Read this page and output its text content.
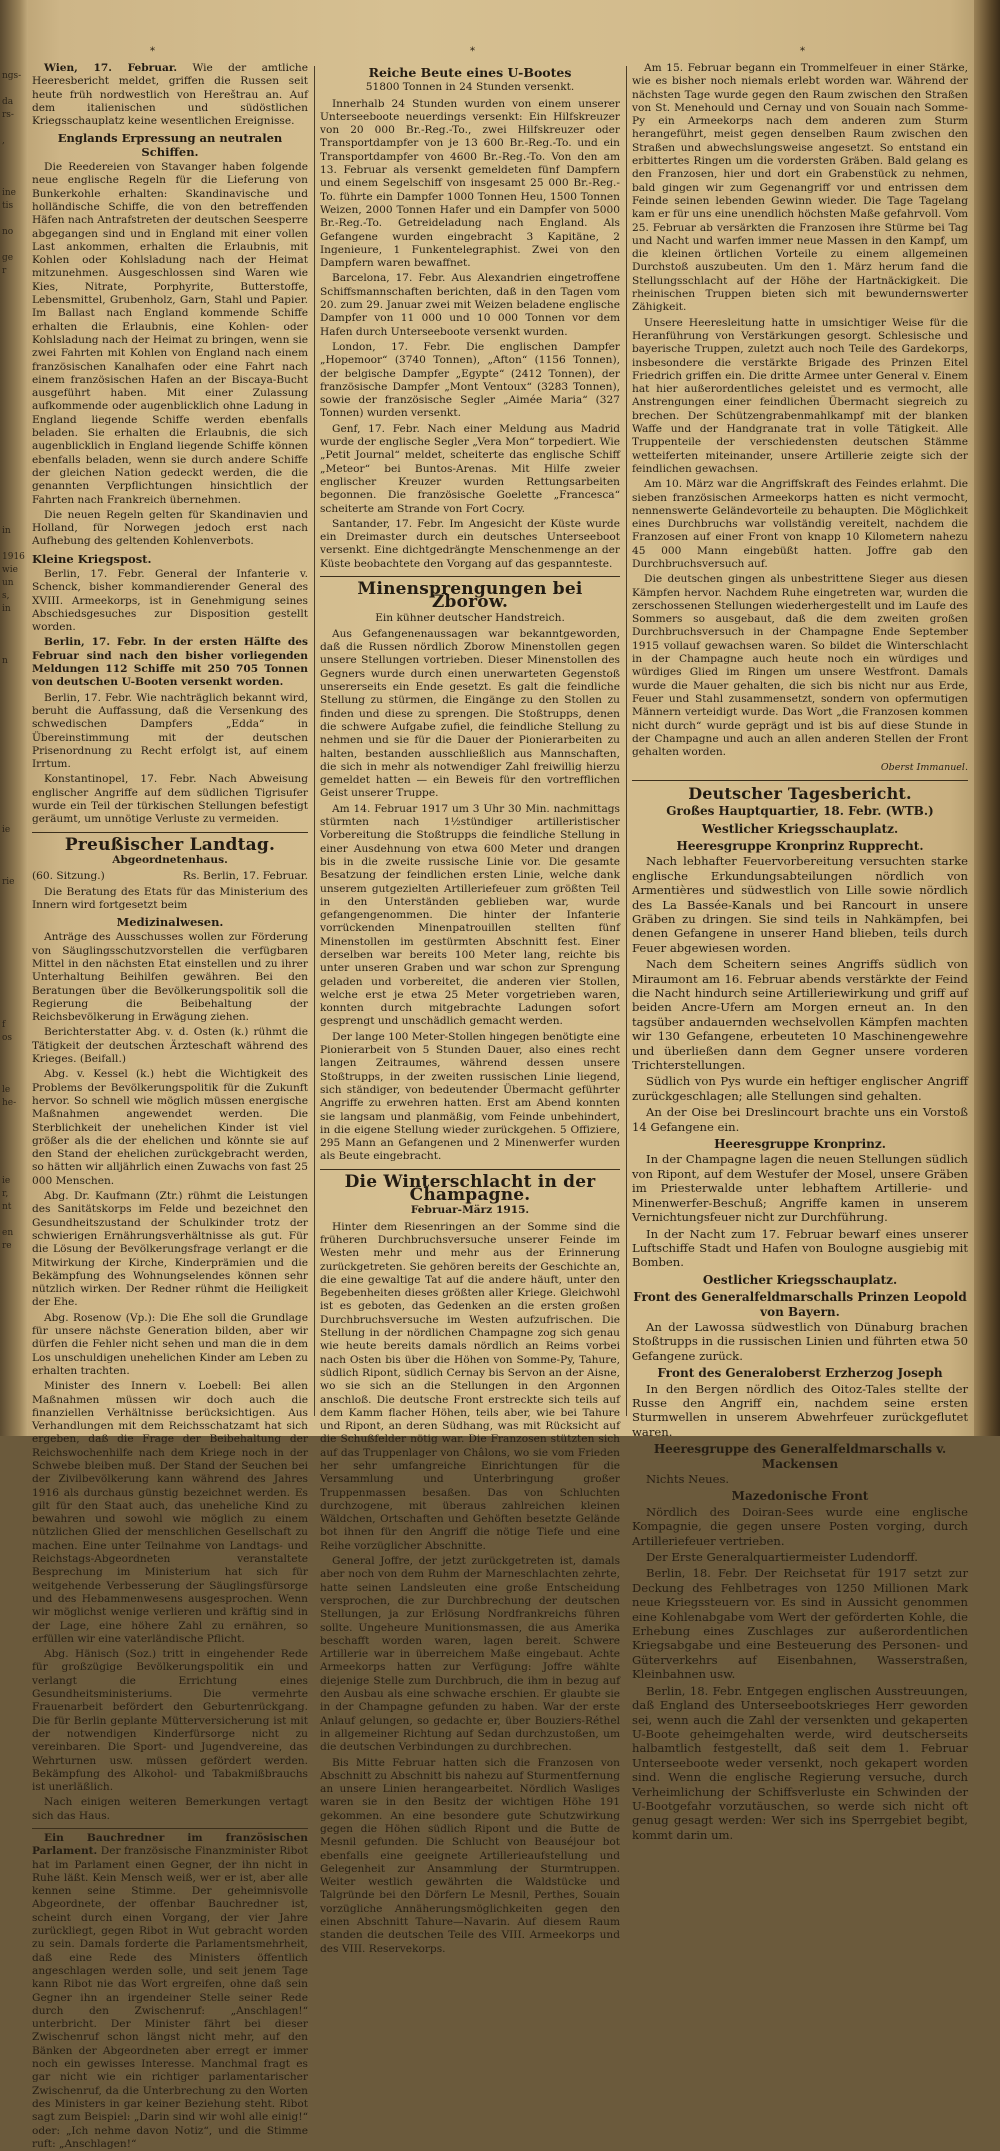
ngs-

da
rs-

,

ine
tis

no

ge
r

in

1916
wie
un
s,
in

n

ie

rie

f
os

le
he-

ie
r,
nt

en
re
*	*	*

Wien, 17. Februar. Wie der amtliche Heeresbericht meldet, griffen die Russen seit heute früh nordwestlich von Hereštrau an. Auf dem italienischen und südöstlichen Kriegsschauplatz keine wesentlichen Ereignisse.

Englands Erpressung an neutralen Schiffen.

Die Reedereien von Stavanger haben folgende neue englische Regeln für die Lieferung von Bunkerkohle erhalten: Skandinavische und holländische Schiffe, die von den betreffenden Häfen nach Antrafstreten der deutschen Seesperre abgegangen sind und in England mit einer vollen Last ankommen, erhalten die Erlaubnis, mit Kohlen oder Kohlsladung nach der Heimat mitzunehmen. Ausgeschlossen sind Waren wie Kies, Nitrate, Porphyrite, Butterstoffe, Lebensmittel, Grubenholz, Garn, Stahl und Papier. Im Ballast nach England kommende Schiffe erhalten die Erlaubnis, eine Kohlen- oder Kohlsladung nach der Heimat zu bringen, wenn sie zwei Fahrten mit Kohlen von England nach einem französischen Kanalhafen oder eine Fahrt nach einem französischen Hafen an der Biscaya-Bucht ausgeführt haben. Mit einer Zulassung aufkommende oder augenblicklich ohne Ladung in England liegende Schiffe werden ebenfalls beladen. Sie erhalten die Erlaubnis, die sich augenblicklich in England liegende Schiffe können ebenfalls beladen, wenn sie durch andere Schiffe der gleichen Nation gedeckt werden, die die genannten Verpflichtungen hinsichtlich der Fahrten nach Frankreich übernehmen.

Die neuen Regeln gelten für Skandinavien und Holland, für Norwegen jedoch erst nach Aufhebung des geltenden Kohlenverbots.

Kleine Kriegspost.

Berlin, 17. Febr. General der Infanterie v. Schenck, bisher kommandierender General des XVIII. Armeekorps, ist in Genehmigung seines Abschiedsgesuches zur Disposition gestellt worden.

Berlin, 17. Febr. In der ersten Hälfte des Februar sind nach den bisher vorliegenden Meldungen 112 Schiffe mit 250 705 Tonnen von deutschen U-Booten versenkt worden.

Berlin, 17. Febr. Wie nachträglich bekannt wird, beruht die Auffassung, daß die Versenkung des schwedischen Dampfers „Edda“ in Übereinstimmung mit der deutschen Prisenordnung zu Recht erfolgt ist, auf einem Irrtum.

Konstantinopel, 17. Febr. Nach Abweisung englischer Angriffe auf dem südlichen Tigrisufer wurde ein Teil der türkischen Stellungen befestigt geräumt, um unnötige Verluste zu vermeiden.

Preußischer Landtag.
Abgeordnetenhaus.

(60. Sitzung.)	Rs. Berlin, 17. Februar.

Die Beratung des Etats für das Ministerium des Innern wird fortgesetzt beim

Medizinalwesen.

Anträge des Ausschusses wollen zur Förderung von Säuglingsschutzvorstellen die verfügbaren Mittel in den nächsten Etat einstellen und zu ihrer Unterhaltung Beihilfen gewähren. Bei den Beratungen über die Bevölkerungspolitik soll die Regierung die Beibehaltung der Reichsbevölkerung in Erwägung ziehen.

Berichterstatter Abg. v. d. Osten (k.) rühmt die Tätigkeit der deutschen Ärzteschaft während des Krieges. (Beifall.)

Abg. v. Kessel (k.) hebt die Wichtigkeit des Problems der Bevölkerungspolitik für die Zukunft hervor. So schnell wie möglich müssen energische Maßnahmen angewendet werden. Die Sterblichkeit der unehelichen Kinder ist viel größer als die der ehelichen und könnte sie auf den Stand der ehelichen zurückgebracht werden, so hätten wir alljährlich einen Zuwachs von fast 25 000 Menschen.

Abg. Dr. Kaufmann (Ztr.) rühmt die Leistungen des Sanitätskorps im Felde und bezeichnet den Gesundheitszustand der Schulkinder trotz der schwierigen Ernährungsverhältnisse als gut. Für die Lösung der Bevölkerungsfrage verlangt er die Mitwirkung der Kirche, Kinderprämien und die Bekämpfung des Wohnungselendes können sehr nützlich wirken. Der Redner rühmt die Heiligkeit der Ehe.

Abg. Rosenow (Vp.): Die Ehe soll die Grundlage für unsere nächste Generation bilden, aber wir dürfen die Fehler nicht sehen und man die in dem Los unschuldigen unehelichen Kinder am Leben zu erhalten trachten.

Minister des Innern v. Loebell: Bei allen Maßnahmen müssen wir doch auch die finanziellen Verhältnisse berücksichtigen. Aus Verhandlungen mit dem Reichsschatzamt hat sich ergeben, daß die Frage der Beibehaltung der Reichswochenhilfe nach dem Kriege noch in der Schwebe bleiben muß. Der Stand der Seuchen bei der Zivilbevölkerung kann während des Jahres 1916 als durchaus günstig bezeichnet werden. Es gilt für den Staat auch, das uneheliche Kind zu bewahren und sowohl wie möglich zu einem nützlichen Glied der menschlichen Gesellschaft zu machen. Eine unter Teilnahme von Landtags- und Reichstags-Abgeordneten veranstaltete Besprechung im Ministerium hat sich für weitgehende Verbesserung der Säuglingsfürsorge und des Hebammenwesens ausgesprochen. Wenn wir möglichst wenige verlieren und kräftig sind in der Lage, eine höhere Zahl zu ernähren, so erfüllen wir eine vaterländische Pflicht.

Abg. Hänisch (Soz.) tritt in eingehender Rede für großzügige Bevölkerungspolitik ein und verlangt die Errichtung eines Gesundheitsministeriums. Die vermehrte Frauenarbeit befördert den Geburtenrückgang. Die für Berlin geplante Mütterversicherung ist mit der notwendigen Kinderfürsorge nicht zu vereinbaren. Die Sport- und Jugendvereine, das Wehrturnen usw. müssen gefördert werden. Bekämpfung des Alkohol- und Tabakmißbrauchs ist unerläßlich.

Nach einigen weiteren Bemerkungen vertagt sich das Haus.

Ein Bauchredner im französischen Parlament. Der französische Finanzminister Ribot hat im Parlament einen Gegner, der ihn nicht in Ruhe läßt. Kein Mensch weiß, wer er ist, aber alle kennen seine Stimme. Der geheimnisvolle Abgeordnete, der offenbar Bauchredner ist, scheint durch einen Vorgang, der vier Jahre zurückliegt, gegen Ribot in Wut gebracht worden zu sein. Damals forderte die Parlamentsmehrheit, daß eine Rede des Ministers öffentlich angeschlagen werden solle, und seit jenem Tage kann Ribot nie das Wort ergreifen, ohne daß sein Gegner ihn an irgendeiner Stelle seiner Rede durch den Zwischenruf: „Anschlagen!“ unterbricht. Der Minister fährt bei dieser Zwischenruf schon längst nicht mehr, auf den Bänken der Abgeordneten aber erregt er immer noch ein gewisses Interesse. Manchmal fragt es gar nicht wie ein richtiger parlamentarischer Zwischenruf, da die Unterbrechung zu den Worten des Ministers in gar keiner Beziehung steht. Ribot sagt zum Beispiel: „Darin sind wir wohl alle einig!“ oder: „Ich nehme davon Notiz“, und die Stimme ruft: „Anschlagen!“

Reiche Beute eines U-Bootes
51800 Tonnen in 24 Stunden versenkt.

Innerhalb 24 Stunden wurden von einem unserer Unterseeboote neuerdings versenkt: Ein Hilfskreuzer von 20 000 Br.-Reg.-To., zwei Hilfskreuzer oder Transportdampfer von je 13 600 Br.-Reg.-To. und ein Transportdampfer von 4600 Br.-Reg.-To. Von den am 13. Februar als versenkt gemeldeten fünf Dampfern und einem Segelschiff von insgesamt 25 000 Br.-Reg.-To. führte ein Dampfer 1000 Tonnen Heu, 1500 Tonnen Weizen, 2000 Tonnen Hafer und ein Dampfer von 5000 Br.-Reg.-To. Getreideladung nach England. Als Gefangene wurden eingebracht 3 Kapitäne, 2 Ingenieure, 1 Funkentelegraphist. Zwei von den Dampfern waren bewaffnet.

Barcelona, 17. Febr. Aus Alexandrien eingetroffene Schiffsmannschaften berichten, daß in den Tagen vom 20. zum 29. Januar zwei mit Weizen beladene englische Dampfer von 11 000 und 10 000 Tonnen vor dem Hafen durch Unterseeboote versenkt wurden.

London, 17. Febr. Die englischen Dampfer „Hopemoor“ (3740 Tonnen), „Afton“ (1156 Tonnen), der belgische Dampfer „Egypte“ (2412 Tonnen), der französische Dampfer „Mont Ventoux“ (3283 Tonnen), sowie der französische Segler „Aimée Maria“ (327 Tonnen) wurden versenkt.

Genf, 17. Febr. Nach einer Meldung aus Madrid wurde der englische Segler „Vera Mon“ torpediert. Wie „Petit Journal“ meldet, scheiterte das englische Schiff „Meteor“ bei Buntos-Arenas. Mit Hilfe zweier englischer Kreuzer wurden Rettungsarbeiten begonnen. Die französische Goelette „Francesca“ scheiterte am Strande von Fort Cocry.

Santander, 17. Febr. Im Angesicht der Küste wurde ein Dreimaster durch ein deutsches Unterseeboot versenkt. Eine dichtgedrängte Menschenmenge an der Küste beobachtete den Vorgang auf das gespannteste.

Minensprengungen bei Zborow.
Ein kühner deutscher Handstreich.

Aus Gefangenenaussagen war bekanntgeworden, daß die Russen nördlich Zborow Minenstollen gegen unsere Stellungen vortrieben. Dieser Minenstollen des Gegners wurde durch einen unerwarteten Gegenstoß unsererseits ein Ende gesetzt. Es galt die feindliche Stellung zu stürmen, die Eingänge zu den Stollen zu finden und diese zu sprengen. Die Stoßtrupps, denen die schwere Aufgabe zufiel, die feindliche Stellung zu nehmen und sie für die Dauer der Pionierarbeiten zu halten, bestanden ausschließlich aus Mannschaften, die sich in mehr als notwendiger Zahl freiwillig hierzu gemeldet hatten — ein Beweis für den vortrefflichen Geist unserer Truppe.

Am 14. Februar 1917 um 3 Uhr 30 Min. nachmittags stürmten nach 1½stündiger artilleristischer Vorbereitung die Stoßtrupps die feindliche Stellung in einer Ausdehnung von etwa 600 Meter und drangen bis in die zweite russische Linie vor. Die gesamte Besatzung der feindlichen ersten Linie, welche dank unserem gutgezielten Artilleriefeuer zum größten Teil in den Unterständen geblieben war, wurde gefangengenommen. Die hinter der Infanterie vorrückenden Minenpatrouillen stellten fünf Minenstollen im gestürmten Abschnitt fest. Einer derselben war bereits 100 Meter lang, reichte bis unter unseren Graben und war schon zur Sprengung geladen und vorbereitet, die anderen vier Stollen, welche erst je etwa 25 Meter vorgetrieben waren, konnten durch mitgebrachte Ladungen sofort gesprengt und unschädlich gemacht werden.

Der lange 100 Meter-Stollen hingegen benötigte eine Pionierarbeit von 5 Stunden Dauer, also eines recht langen Zeitraumes, während dessen unsere Stoßtrupps, in der zweiten russischen Linie liegend, sich ständiger, von bedeutender Übermacht geführter Angriffe zu erwehren hatten. Erst am Abend konnten sie langsam und planmäßig, vom Feinde unbehindert, in die eigene Stellung wieder zurückgehen. 5 Offiziere, 295 Mann an Gefangenen und 2 Minenwerfer wurden als Beute eingebracht.

Die Winterschlacht in der Champagne.
Februar-März 1915.

Hinter dem Riesenringen an der Somme sind die früheren Durchbruchsversuche unserer Feinde im Westen mehr und mehr aus der Erinnerung zurückgetreten. Sie gehören bereits der Geschichte an, die eine gewaltige Tat auf die andere häuft, unter den Begebenheiten dieses größten aller Kriege. Gleichwohl ist es geboten, das Gedenken an die ersten großen Durchbruchsversuche im Westen aufzufrischen. Die Stellung in der nördlichen Champagne zog sich genau wie heute bereits damals nördlich an Reims vorbei nach Osten bis über die Höhen von Somme-Py, Tahure, südlich Ripont, südlich Cernay bis Servon an der Aisne, wo sie sich an die Stellungen in den Argonnen anschloß. Die deutsche Front erstreckte sich teils auf dem Kamm flacher Höhen, teils aber, wie bei Tahure und Ripont, an deren Südhang, was mit Rücksicht auf die Schußfelder nötig war. Die Franzosen stützten sich auf das Truppenlager von Châlons, wo sie vom Frieden her sehr umfangreiche Einrichtungen für die Versammlung und Unterbringung großer Truppenmassen besaßen. Das von Schluchten durchzogene, mit überaus zahlreichen kleinen Wäldchen, Ortschaften und Gehöften besetzte Gelände bot ihnen für den Angriff die nötige Tiefe und eine Reihe vorzüglicher Abschnitte.

General Joffre, der jetzt zurückgetreten ist, damals aber noch von dem Ruhm der Marneschlachten zehrte, hatte seinen Landsleuten eine große Entscheidung versprochen, die zur Durchbrechung der deutschen Stellungen, ja zur Erlösung Nordfrankreichs führen sollte. Ungeheure Munitionsmassen, die aus Amerika beschafft worden waren, lagen bereit. Schwere Artillerie war in überreichem Maße eingebaut. Achte Armeekorps hatten zur Verfügung: Joffre wählte diejenige Stelle zum Durchbruch, die ihm in bezug auf den Ausbau als eine schwache erschien. Er glaubte sie in der Champagne gefunden zu haben. War der erste Anlauf gelungen, so gedachte er, über Bouziers-Réthel in allgemeiner Richtung auf Sedan durchzustoßen, um die deutschen Verbindungen zu durchbrechen.

Bis Mitte Februar hatten sich die Franzosen von Abschnitt zu Abschnitt bis nahezu auf Sturmentfernung an unsere Linien herangearbeitet. Nördlich Wasliges waren sie in den Besitz der wichtigen Höhe 191 gekommen. An eine besondere gute Schutzwirkung gegen die Höhen südlich Ripont und die Butte de Mesnil gefunden. Die Schlucht von Beauséjour bot ebenfalls eine geeignete Artillerieaufstellung und Gelegenheit zur Ansammlung der Sturmtruppen. Weiter westlich gewährten die Waldstücke und Talgründe bei den Dörfern Le Mesnil, Perthes, Souain vorzügliche Annäherungsmöglichkeiten gegen den einen Abschnitt Tahure—Navarin. Auf diesem Raum standen die deutschen Teile des VIII. Armeekorps und des VIII. Reservekorps.

Am 15. Februar begann ein Trommelfeuer in einer Stärke, wie es bisher noch niemals erlebt worden war. Während der nächsten Tage wurde gegen den Raum zwischen den Straßen von St. Menehould und Cernay und von Souain nach Somme-Py ein Armeekorps nach dem anderen zum Sturm herangeführt, meist gegen denselben Raum zwischen den Straßen und abwechslungsweise angesetzt. So entstand ein erbittertes Ringen um die vordersten Gräben. Bald gelang es den Franzosen, hier und dort ein Grabenstück zu nehmen, bald gingen wir zum Gegenangriff vor und entrissen dem Feinde seinen lebenden Gewinn wieder. Die Tage Tagelang kam er für uns eine unendlich höchsten Maße gefahrvoll. Vom 25. Februar ab versärkten die Franzosen ihre Stürme bei Tag und Nacht und warfen immer neue Massen in den Kampf, um die kleinen örtlichen Vorteile zu einem allgemeinen Durchstoß auszubeuten. Um den 1. März herum fand die Stellungsschlacht auf der Höhe der Hartnäckigkeit. Die rheinischen Truppen bieten sich mit bewundernswerter Zähigkeit.

Unsere Heeresleitung hatte in umsichtiger Weise für die Heranführung von Verstärkungen gesorgt. Schlesische und bayerische Truppen, zuletzt auch noch Teile des Gardekorps, insbesondere die verstärkte Brigade des Prinzen Eitel Friedrich griffen ein. Die dritte Armee unter General v. Einem hat hier außerordentliches geleistet und es vermocht, alle Anstrengungen einer feindlichen Übermacht siegreich zu brechen. Der Schützengrabenmahlkampf mit der blanken Waffe und der Handgranate trat in volle Tätigkeit. Alle Truppenteile der verschiedensten deutschen Stämme wetteiferten miteinander, unsere Artillerie zeigte sich der feindlichen gewachsen.

Am 10. März war die Angriffskraft des Feindes erlahmt. Die sieben französischen Armeekorps hatten es nicht vermocht, nennenswerte Geländevorteile zu behaupten. Die Möglichkeit eines Durchbruchs war vollständig vereitelt, nachdem die Franzosen auf einer Front von knapp 10 Kilometern nahezu 45 000 Mann eingebüßt hatten. Joffre gab den Durchbruchsversuch auf.

Die deutschen gingen als unbestrittene Sieger aus diesen Kämpfen hervor. Nachdem Ruhe eingetreten war, wurden die zerschossenen Stellungen wiederhergestellt und im Laufe des Sommers so ausgebaut, daß die dem zweiten großen Durchbruchsversuch in der Champagne Ende September 1915 vollauf gewachsen waren. So bildet die Winterschlacht in der Champagne auch heute noch ein würdiges und würdiges Glied im Ringen um unsere Westfront. Damals wurde die Mauer gehalten, die sich bis nicht nur aus Erde, Feuer und Stahl zusammensetzt, sondern von opfermutigen Männern verteidigt wurde. Das Wort „die Franzosen kommen nicht durch“ wurde geprägt und ist bis auf diese Stunde in der Champagne und auch an allen anderen Stellen der Front gehalten worden.

Oberst Immanuel.

Deutscher Tagesbericht.
Großes Hauptquartier, 18. Febr. (WTB.)
Westlicher Kriegsschauplatz.
Heeresgruppe Kronprinz Rupprecht.

Nach lebhafter Feuervorbereitung versuchten starke englische Erkundungsabteilungen nördlich von Armentières und südwestlich von Lille sowie nördlich des La Bassée-Kanals und bei Rancourt in unsere Gräben zu dringen. Sie sind teils in Nahkämpfen, bei denen Gefangene in unserer Hand blieben, teils durch Feuer abgewiesen worden.

Nach dem Scheitern seines Angriffs südlich von Miraumont am 16. Februar abends verstärkte der Feind die Nacht hindurch seine Artilleriewirkung und griff auf beiden Ancre-Ufern am Morgen erneut an. In den tagsüber andauernden wechselvollen Kämpfen machten wir 130 Gefangene, erbeuteten 10 Maschinengewehre und überließen dann dem Gegner unsere vorderen Trichterstellungen.

Südlich von Pys wurde ein heftiger englischer Angriff zurückgeschlagen; alle Stellungen sind gehalten.

An der Oise bei Dreslincourt brachte uns ein Vorstoß 14 Gefangene ein.

Heeresgruppe Kronprinz.

In der Champagne lagen die neuen Stellungen südlich von Ripont, auf dem Westufer der Mosel, unsere Gräben im Priesterwalde unter lebhaftem Artillerie- und Minenwerfer-Beschuß; Angriffe kamen in unserem Vernichtungsfeuer nicht zur Durchführung.

In der Nacht zum 17. Februar bewarf eines unserer Luftschiffe Stadt und Hafen von Boulogne ausgiebig mit Bomben.

Oestlicher Kriegsschauplatz.
Front des Generalfeldmarschalls Prinzen Leopold von Bayern.

An der Lawossa südwestlich von Dünaburg brachen Stoßtrupps in die russischen Linien und führten etwa 50 Gefangene zurück.

Front des Generaloberst Erzherzog Joseph

In den Bergen nördlich des Oitoz-Tales stellte der Russe den Angriff ein, nachdem seine ersten Sturmwellen in unserem Abwehrfeuer zurückgeflutet waren.

Heeresgruppe des Generalfeldmarschalls v. Mackensen

Nichts Neues.

Mazedonische Front

Nördlich des Doiran-Sees wurde eine englische Kompagnie, die gegen unsere Posten vorging, durch Artilleriefeuer vertrieben.

Der Erste Generalquartiermeister Ludendorff.

Berlin, 18. Febr. Der Reichsetat für 1917 setzt zur Deckung des Fehlbetrages von 1250 Millionen Mark neue Kriegssteuern vor. Es sind in Aussicht genommen eine Kohlenabgabe vom Wert der geförderten Kohle, die Erhebung eines Zuschlages zur außerordentlichen Kriegsabgabe und eine Besteuerung des Personen- und Güterverkehrs auf Eisenbahnen, Wasserstraßen, Kleinbahnen usw.

Berlin, 18. Febr. Entgegen englischen Ausstreuungen, daß England des Unterseebootskrieges Herr geworden sei, wenn auch die Zahl der versenkten und gekaperten U-Boote geheimgehalten werde, wird deutscherseits halbamtlich festgestellt, daß seit dem 1. Februar Unterseeboote weder versenkt, noch gekapert worden sind. Wenn die englische Regierung versuche, durch Verheimlichung der Schiffsverluste ein Schwinden der U-Bootgefahr vorzutäuschen, so werde sich nicht oft genug gesagt werden: Wer sich ins Sperrgebiet begibt, kommt darin um.
